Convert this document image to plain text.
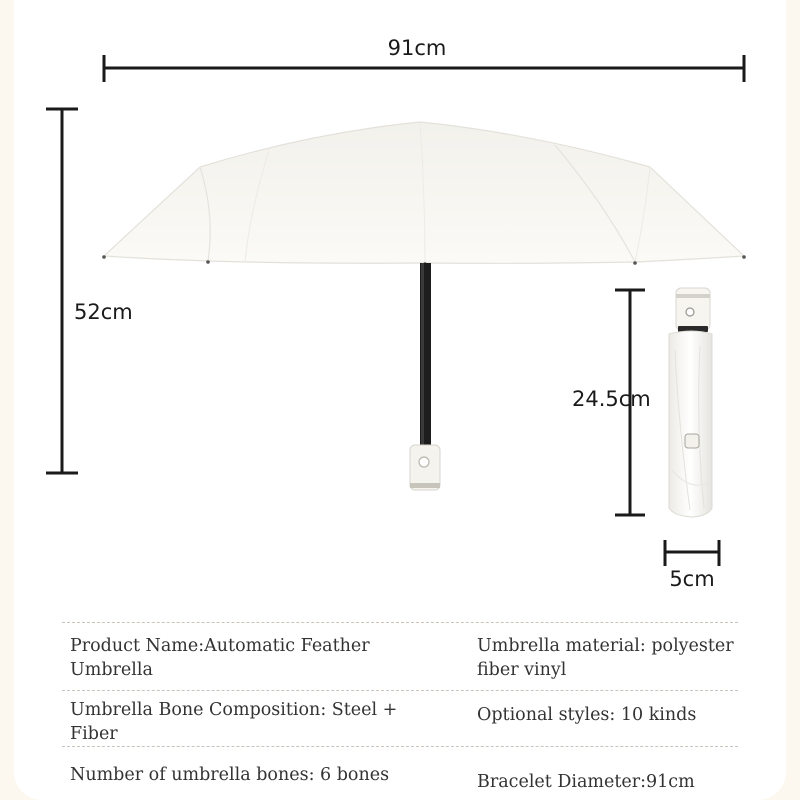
91cm
52cm
24.5cm
5cm
Product Name:Automatic Feather Umbrella
Umbrella material: polyester fiber vinyl
Umbrella Bone Composition: Steel + Fiber
Optional styles: 10 kinds
Number of umbrella bones: 6 bones	Bracelet Diameter:91cm
